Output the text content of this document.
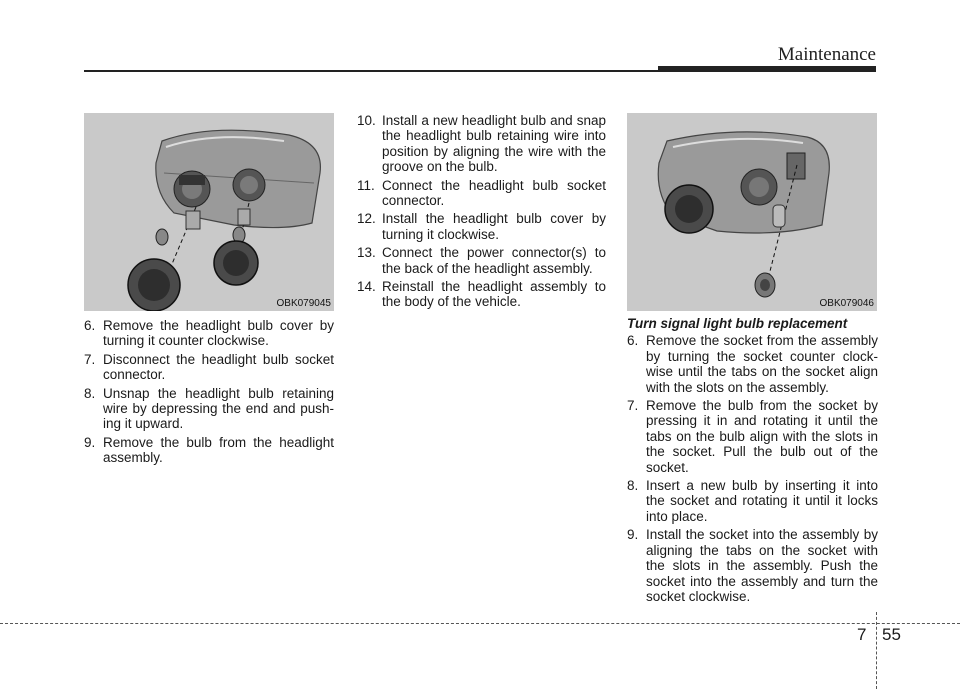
Maintenance
OBK079045	OBK079046
6. Remove the headlight bulb cover by turning it counter clockwise.
7. Disconnect the headlight bulb socket connector.
8. Unsnap the headlight bulb retaining wire by depressing the end and push-ing it upward.
9. Remove the bulb from the headlight assembly.
10. Install a new headlight bulb and snap the headlight bulb retaining wire into position by aligning the wire with the groove on the bulb.
11. Connect the headlight bulb socket connector.
12. Install the headlight bulb cover by turning it clockwise.
13. Connect the power connector(s) to the back of the headlight assembly.
14. Reinstall the headlight assembly to the body of the vehicle.
Turn signal light bulb replacement
6. Remove the socket from the assembly by turning the socket counter clock-wise until the tabs on the socket align with the slots on the assembly.
7. Remove the bulb from the socket by pressing it in and rotating it until the tabs on the bulb align with the slots in the socket. Pull the bulb out of the socket.
8. Insert a new bulb by inserting it into the socket and rotating it until it locks into place.
9. Install the socket into the assembly by aligning the tabs on the socket with the slots in the assembly. Push the socket into the assembly and turn the socket clockwise.
7 55
